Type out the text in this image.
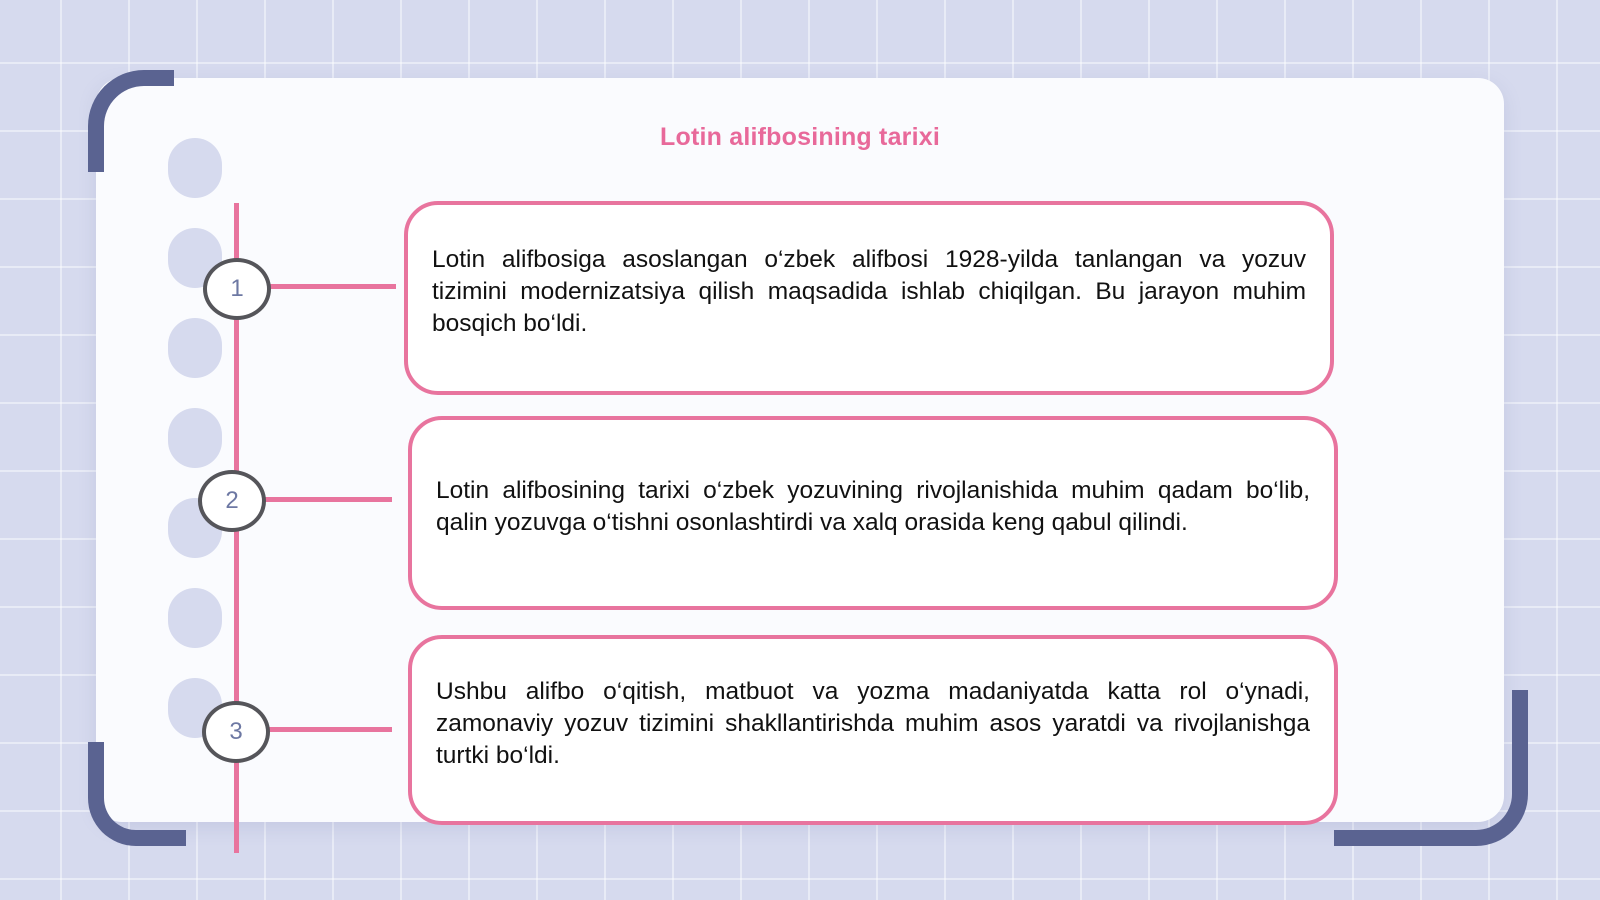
Lotin alifbosining tarixi
1
Lotin alifbosiga asoslangan o‘zbek alifbosi 1928-yilda tanlangan va yozuv tizimini modernizatsiya qilish maqsadida ishlab chiqilgan. Bu jarayon muhim bosqich bo‘ldi.
2	Lotin alifbosining tarixi o‘zbek yozuvining rivojlanishida muhim qadam bo‘lib, qalin yozuvga o‘tishni osonlashtirdi va xalq orasida keng qabul qilindi.
3
Ushbu alifbo o‘qitish, matbuot va yozma madaniyatda katta rol o‘ynadi, zamonaviy yozuv tizimini shakllantirishda muhim asos yaratdi va rivojlanishga turtki bo‘ldi.
